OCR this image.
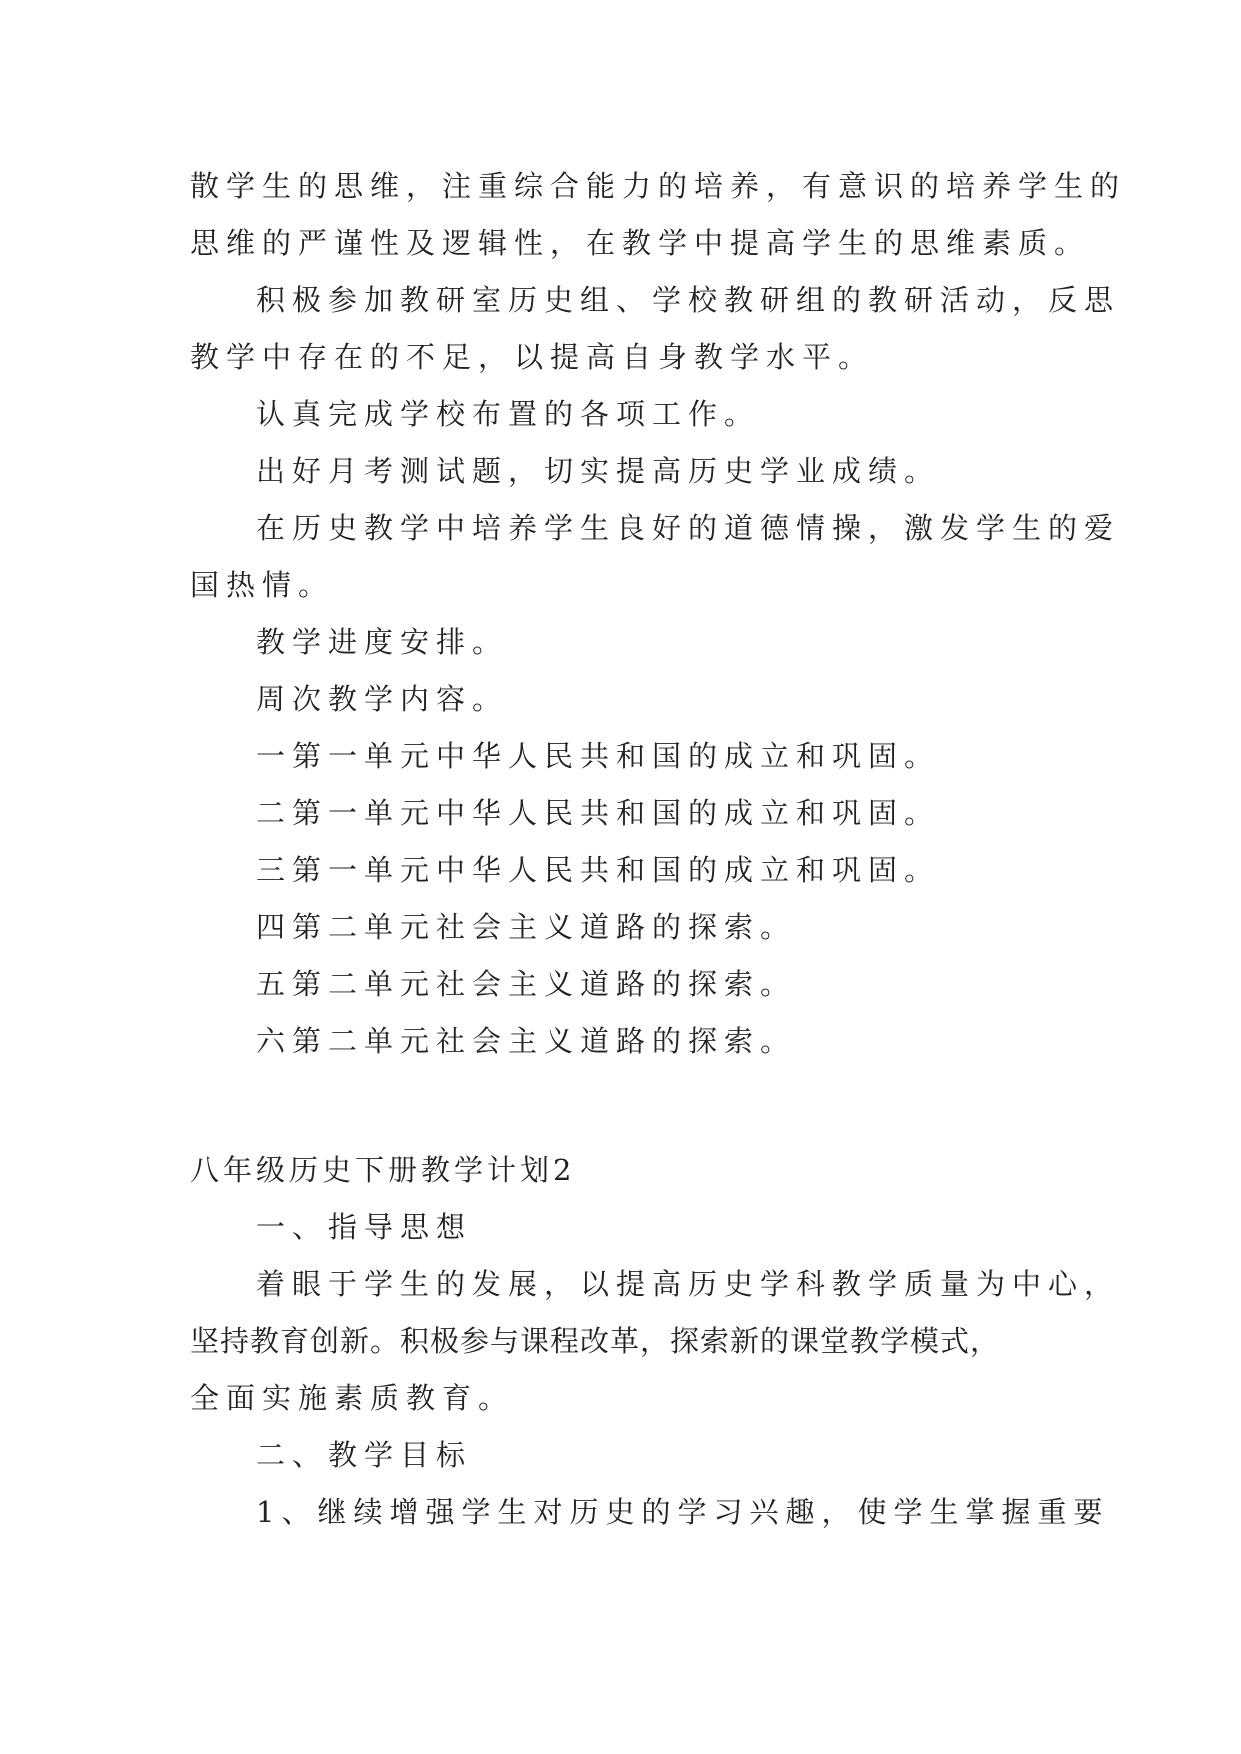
散学生的思维，注重综合能力的培养，有意识的培养学生的
思维的严谨性及逻辑性，在教学中提高学生的思维素质。
积极参加教研室历史组、学校教研组的教研活动，反思
教学中存在的不足，以提高自身教学水平。
认真完成学校布置的各项工作。
出好月考测试题，切实提高历史学业成绩。
在历史教学中培养学生良好的道德情操，激发学生的爱
国热情。
教学进度安排。
周次教学内容。
一第一单元中华人民共和国的成立和巩固。
二第一单元中华人民共和国的成立和巩固。
三第一单元中华人民共和国的成立和巩固。
四第二单元社会主义道路的探索。
五第二单元社会主义道路的探索。
六第二单元社会主义道路的探索。
八年级历史下册教学计划2
一、指导思想
着眼于学生的发展，以提高历史学科教学质量为中心，
坚持教育创新。积极参与课程改革，探索新的课堂教学模式，
全面实施素质教育。
二、教学目标
1、继续增强学生对历史的学习兴趣，使学生掌握重要
